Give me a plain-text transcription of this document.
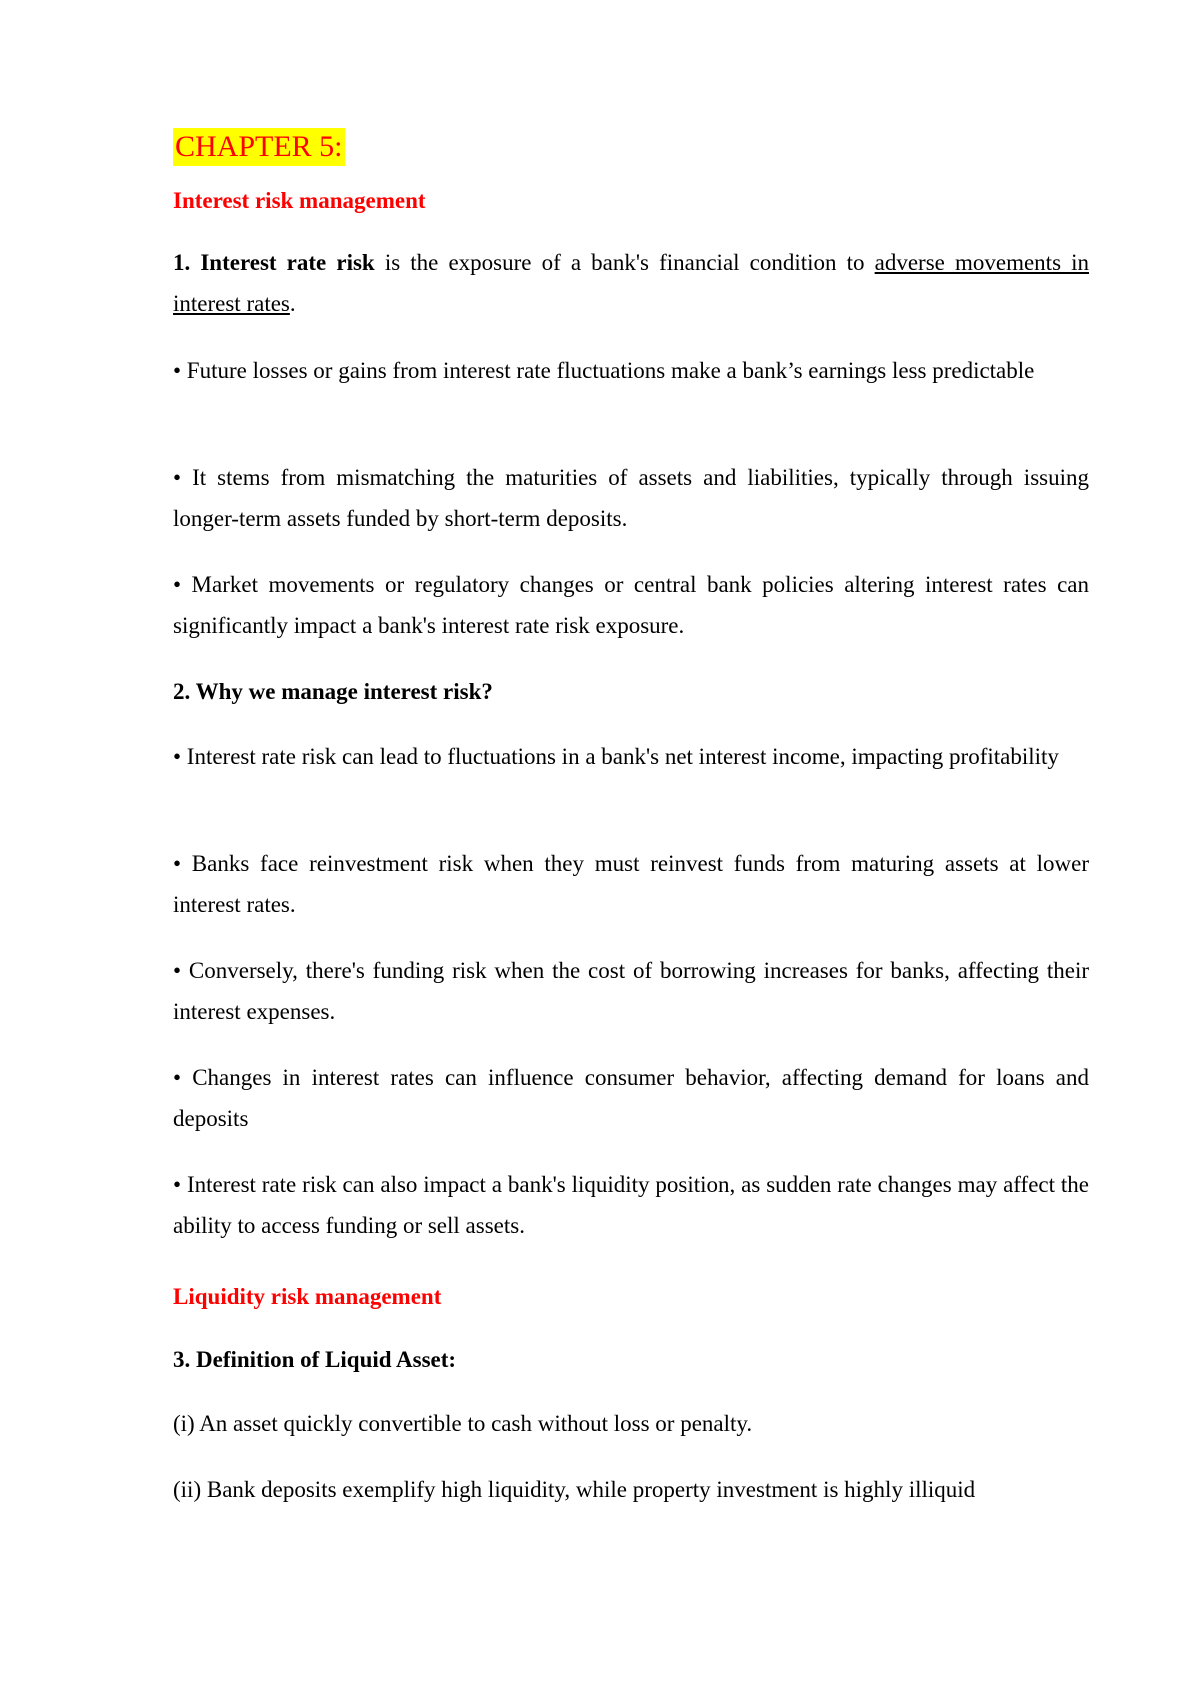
CHAPTER 5:
Interest risk management
1. Interest rate risk is the exposure of a bank's financial condition to adverse movements in interest rates.
• Future losses or gains from interest rate fluctuations make a bank’s earnings less predictable
• It stems from mismatching the maturities of assets and liabilities, typically through issuing longer-term assets funded by short-term deposits.
• Market movements or regulatory changes or central bank policies altering interest rates can significantly impact a bank's interest rate risk exposure.
2. Why we manage interest risk?
• Interest rate risk can lead to fluctuations in a bank's net interest income, impacting profitability
• Banks face reinvestment risk when they must reinvest funds from maturing assets at lower interest rates.
• Conversely, there's funding risk when the cost of borrowing increases for banks, affecting their interest expenses.
• Changes in interest rates can influence consumer behavior, affecting demand for loans and deposits
• Interest rate risk can also impact a bank's liquidity position, as sudden rate changes may affect the ability to access funding or sell assets.
Liquidity risk management
3. Definition of Liquid Asset:
(i) An asset quickly convertible to cash without loss or penalty.
(ii) Bank deposits exemplify high liquidity, while property investment is highly illiquid
